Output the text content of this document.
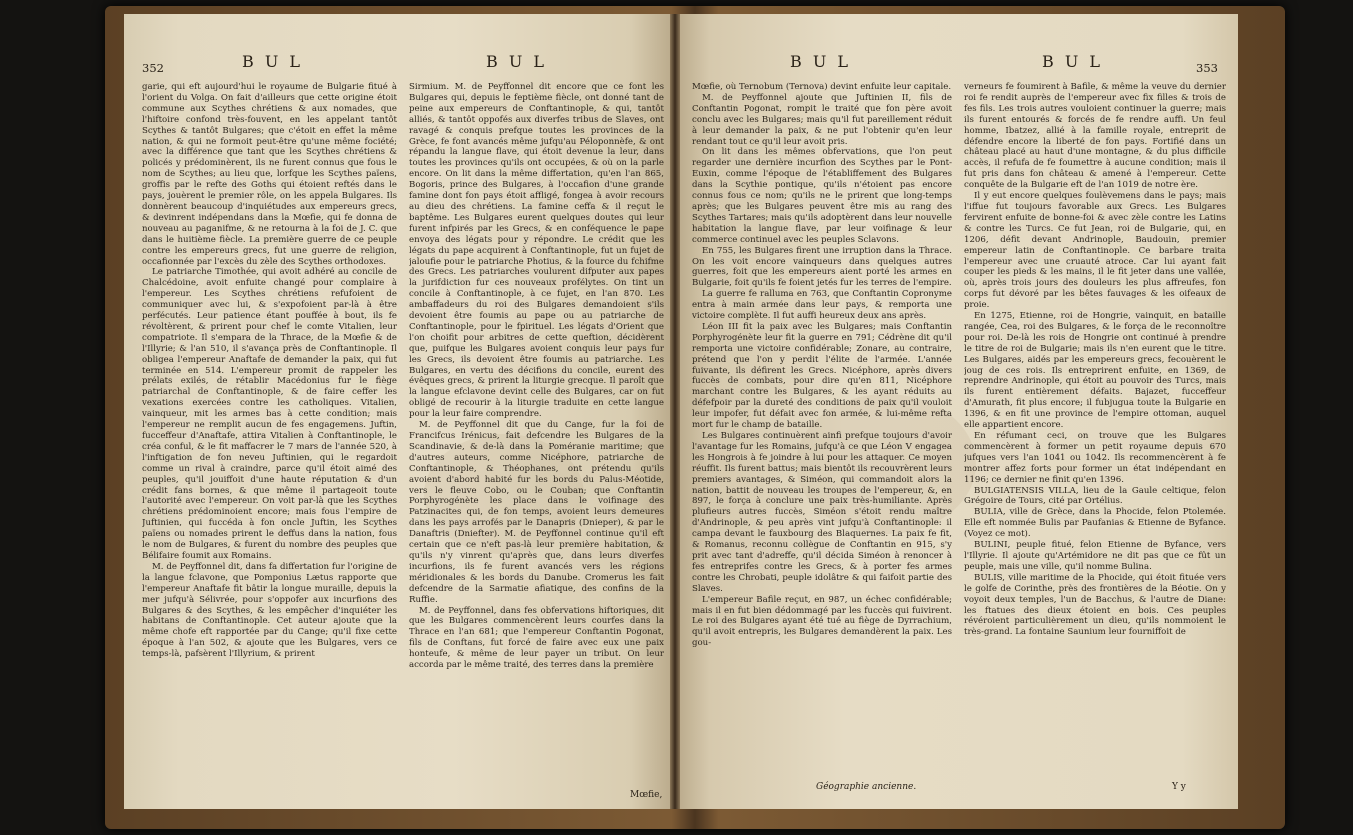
352	B U L	B U L

garie, qui eft aujourd'hui le royaume de Bulgarie fitué à l'orient du Volga. On fait d'ailleurs que cette origine étoit commune aux Scythes chrétiens & aux nomades, que l'hiftoire confond très-fouvent, en les appelant tantôt Scythes & tantôt Bulgares; que c'étoit en effet la même nation, & qui ne formoit peut-être qu'une même fociété; avec la différence que tant que les Scythes chrétiens & policés y prédominèrent, ils ne furent connus que fous le nom de Scythes; au lieu que, lorfque les Scythes païens, groffis par le refte des Goths qui étoient reftés dans le pays, jouèrent le premier rôle, on les appela Bulgares. Ils donnèrent beaucoup d'inquiétudes aux empereurs grecs, & devinrent indépendans dans la Mœfie, qui fe donna de nouveau au paganifme, & ne retourna à la foi de J. C. que dans le huitième fiècle. La première guerre de ce peuple contre les empereurs grecs, fut une guerre de religion, occafionnée par l'excès du zèle des Scythes orthodoxes.

Le patriarche Timothée, qui avoit adhéré au concile de Chalcédoine, avoit enfuite changé pour complaire à l'empereur. Les Scythes chrétiens refufoient de communiquer avec lui, & s'expofoient par-là à être perfécutés. Leur patience étant pouffée à bout, ils fe révoltèrent, & prirent pour chef le comte Vitalien, leur compatriote. Il s'empara de la Thrace, de la Mœfie & de l'Illyrie; & l'an 510, il s'avança près de Conftantinople. Il obligea l'empereur Anaftafe de demander la paix, qui fut terminée en 514. L'empereur promit de rappeler les prélats exilés, de rétablir Macédonius fur le fiège patriarchal de Conftantinople, & de faire ceffer les vexations exercées contre les catholiques. Vitalien, vainqueur, mit les armes bas à cette condition; mais l'empereur ne remplit aucun de fes engagemens. Juftin, fucceffeur d'Anaftafe, attira Vitalien à Conftantinople, le créa conful, & le fit maffacrer le 7 mars de l'année 520, à l'inftigation de fon neveu Juftinien, qui le regardoit comme un rival à craindre, parce qu'il étoit aimé des peuples, qu'il jouiffoit d'une haute réputation & d'un crédit fans bornes, & que même il partageoit toute l'autorité avec l'empereur. On voit par-là que les Scythes chrétiens prédominoient encore; mais fous l'empire de Juftinien, qui fuccéda à fon oncle Juftin, les Scythes païens ou nomades prirent le deffus dans la nation, fous le nom de Bulgares, & furent du nombre des peuples que Bélifaire foumit aux Romains.

M. de Peyffonnel dit, dans fa differtation fur l'origine de la langue fclavone, que Pomponius Lætus rapporte que l'empereur Anaftafe fit bâtir la longue muraille, depuis la mer jufqu'à Sélivrée, pour s'oppofer aux incurfions des Bulgares & des Scythes, & les empêcher d'inquiéter les habitans de Conftantinople. Cet auteur ajoute que la même chofe eft rapportée par du Cange; qu'il fixe cette époque à l'an 502, & ajoute que les Bulgares, vers ce temps-là, pafsèrent l'Illyrium, & prirent

Sirmium. M. de Peyffonnel dit encore que ce font les Bulgares qui, depuis le feptième fiècle, ont donné tant de peine aux empereurs de Conftantinople, & qui, tantôt alliés, & tantôt oppofés aux diverfes tribus de Slaves, ont ravagé & conquis prefque toutes les provinces de la Grèce, fe font avancés même jufqu'au Péloponnèfe, & ont répandu la langue flave, qui étoit devenue la leur, dans toutes les provinces qu'ils ont occupées, & où on la parle encore. On lit dans la même differtation, qu'en l'an 865, Bogoris, prince des Bulgares, à l'occafion d'une grande famine dont fon pays étoit affligé, fongea à avoir recours au dieu des chrétiens. La famine ceffa & il reçut le baptême. Les Bulgares eurent quelques doutes qui leur furent infpirés par les Grecs, & en conféquence le pape envoya des légats pour y répondre. Le crédit que les légats du pape acquirent à Conftantinople, fut un fujet de jaloufie pour le patriarche Photius, & la fource du fchifme des Grecs. Les patriarches voulurent difputer aux papes la jurifdiction fur ces nouveaux profélytes. On tint un concile à Conftantinople, à ce fujet, en l'an 870. Les ambaffadeurs du roi des Bulgares demandoient s'ils devoient être foumis au pape ou au patriarche de Conftantinople, pour le fpirituel. Les légats d'Orient que l'on choifit pour arbitres de cette queftion, décidèrent que, puifque les Bulgares avoient conquis leur pays fur les Grecs, ils devoient être foumis au patriarche. Les Bulgares, en vertu des décifions du concile, eurent des évêques grecs, & prirent la liturgie grecque. Il paroît que la langue efclavone devint celle des Bulgares, car on fut obligé de recourir à la liturgie traduite en cette langue pour la leur faire comprendre.

M. de Peyffonnel dit que du Cange, fur la foi de Francifcus Irénicus, fait defcendre les Bulgares de la Scandinavie, & de-là dans la Poméranie maritime; que d'autres auteurs, comme Nicéphore, patriarche de Conftantinople, & Théophanes, ont prétendu qu'ils avoient d'abord habité fur les bords du Palus-Méotide, vers le fleuve Cobo, ou le Couban; que Conftantin Porphyrogénète les place dans le voifinage des Patzinacites qui, de fon temps, avoient leurs demeures dans les pays arrofés par le Danapris (Dnieper), & par le Danaftris (Dniefter). M. de Peyffonnel continue qu'il eft certain que ce n'eft pas-là leur première habitation, & qu'ils n'y vinrent qu'après que, dans leurs diverfes incurfions, ils fe furent avancés vers les régions méridionales & les bords du Danube. Cromerus les fait defcendre de la Sarmatie afiatique, des confins de la Ruffie.

M. de Peyffonnel, dans fes obfervations hiftoriques, dit que les Bulgares commencèrent leurs courfes dans la Thrace en l'an 681; que l'empereur Conftantin Pogonat, fils de Conftans, fut forcé de faire avec eux une paix honteufe, & même de leur payer un tribut. On leur accorda par le même traité, des terres dans la première

Mœfie,
B U L	B U L	353

Mœfie, où Ternobum (Ternova) devint enfuite leur capitale.

M. de Peyffonnel ajoute que Juftinien II, fils de Conftantin Pogonat, rompit le traité que fon père avoit conclu avec les Bulgares; mais qu'il fut pareillement réduit à leur demander la paix, & ne put l'obtenir qu'en leur rendant tout ce qu'il leur avoit pris.

On lit dans les mêmes obfervations, que l'on peut regarder une dernière incurfion des Scythes par le Pont-Euxin, comme l'époque de l'établiffement des Bulgares dans la Scythie pontique, qu'ils n'étoient pas encore connus fous ce nom; qu'ils ne le prirent que long-temps après; que les Bulgares peuvent être mis au rang des Scythes Tartares; mais qu'ils adoptèrent dans leur nouvelle habitation la langue flave, par leur voifinage & leur commerce continuel avec les peuples Sclavons.

En 755, les Bulgares firent une irruption dans la Thrace. On les voit encore vainqueurs dans quelques autres guerres, foit que les empereurs aient porté les armes en Bulgarie, foit qu'ils fe foient jetés fur les terres de l'empire.

La guerre fe ralluma en 763, que Conftantin Copronyme entra à main armée dans leur pays, & remporta une victoire complète. Il fut auffi heureux deux ans après.

Léon III fit la paix avec les Bulgares; mais Conftantin Porphyrogénète leur fit la guerre en 791; Cédrène dit qu'il remporta une victoire confidérable; Zonare, au contraire, prétend que l'on y perdit l'élite de l'armée. L'année fuivante, ils défirent les Grecs. Nicéphore, après divers fuccès de combats, pour dire qu'en 811, Nicéphore marchant contre les Bulgares, & les ayant réduits au défefpoir par la dureté des conditions de paix qu'il vouloit leur impofer, fut défait avec fon armée, & lui-même refta mort fur le champ de bataille.

Les Bulgares continuèrent ainfi prefque toujours d'avoir l'avantage fur les Romains, jufqu'à ce que Léon V engagea les Hongrois à fe joindre à lui pour les attaquer. Ce moyen réuffit. Ils furent battus; mais bientôt ils recouvrèrent leurs premiers avantages, & Siméon, qui commandoit alors la nation, battit de nouveau les troupes de l'empereur, &, en 897, le força à conclure une paix très-humiliante. Après plufieurs autres fuccès, Siméon s'étoit rendu maître d'Andrinople, & peu après vint jufqu'à Conftantinople: il campa devant le fauxbourg des Blaquernes. La paix fe fit, & Romanus, reconnu collègue de Conftantin en 915, s'y prit avec tant d'adreffe, qu'il décida Siméon à renoncer à fes entreprifes contre les Grecs, & à porter fes armes contre les Chrobati, peuple idolâtre & qui faifoit partie des Slaves.

L'empereur Bafile reçut, en 987, un échec confidérable; mais il en fut bien dédommagé par les fuccès qui fuivirent. Le roi des Bulgares ayant été tué au fiège de Dyrrachium, qu'il avoit entrepris, les Bulgares demandèrent la paix. Les gou-

verneurs fe foumirent à Bafile, & même la veuve du dernier roi fe rendit auprès de l'empereur avec fix filles & trois de fes fils. Les trois autres vouloient continuer la guerre; mais ils furent entourés & forcés de fe rendre auffi. Un feul homme, Ibatzez, allié à la famille royale, entreprit de défendre encore la liberté de fon pays. Fortifié dans un château placé au haut d'une montagne, & du plus difficile accès, il refufa de fe foumettre à aucune condition; mais il fut pris dans fon château & amené à l'empereur. Cette conquête de la Bulgarie eft de l'an 1019 de notre ère.

Il y eut encore quelques foulèvemens dans le pays; mais l'iffue fut toujours favorable aux Grecs. Les Bulgares fervirent enfuite de bonne-foi & avec zèle contre les Latins & contre les Turcs. Ce fut Jean, roi de Bulgarie, qui, en 1206, défit devant Andrinople, Baudouin, premier empereur latin de Conftantinople. Ce barbare traita l'empereur avec une cruauté atroce. Car lui ayant fait couper les pieds & les mains, il le fit jeter dans une vallée, où, après trois jours des douleurs les plus affreufes, fon corps fut dévoré par les bêtes fauvages & les oifeaux de proie.

En 1275, Etienne, roi de Hongrie, vainquit, en bataille rangée, Cea, roi des Bulgares, & le força de le reconnoître pour roi. De-là les rois de Hongrie ont continué à prendre le titre de roi de Bulgarie; mais ils n'en eurent que le titre. Les Bulgares, aidés par les empereurs grecs, fecouèrent le joug de ces rois. Ils entreprirent enfuite, en 1369, de reprendre Andrinople, qui étoit au pouvoir des Turcs, mais ils furent entièrement défaits. Bajazet, fucceffeur d'Amurath, fit plus encore; il fubjugua toute la Bulgarie en 1396, & en fit une province de l'empire ottoman, auquel elle appartient encore.

En réfumant ceci, on trouve que les Bulgares commencèrent à former un petit royaume depuis 670 jufques vers l'an 1041 ou 1042. Ils recommencèrent à fe montrer affez forts pour former un état indépendant en 1196; ce dernier ne finit qu'en 1396.

BULGIATENSIS VILLA, lieu de la Gaule celtique, felon Grégoire de Tours, cité par Ortélius.

BULIA, ville de Grèce, dans la Phocide, felon Ptolemée. Elle eft nommée Bulis par Paufanias & Etienne de Byfance. (Voyez ce mot).

BULINI, peuple fitué, felon Etienne de Byfance, vers l'Illyrie. Il ajoute qu'Artémidore ne dit pas que ce fût un peuple, mais une ville, qu'il nomme Bulina.

BULIS, ville maritime de la Phocide, qui étoit fituée vers le golfe de Corinthe, près des frontières de la Béotie. On y voyoit deux temples, l'un de Bacchus, & l'autre de Diane: les ftatues des dieux étoient en bois. Ces peuples révéroient particulièrement un dieu, qu'ils nommoient le très-grand. La fontaine Saunium leur fourniffoit de

Géographie ancienne.	Y y
